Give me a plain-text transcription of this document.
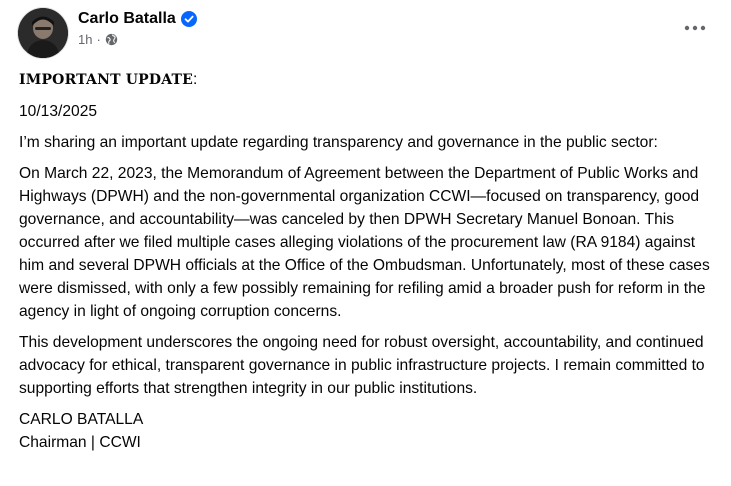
Carlo Batalla
1h ·

IMPORTANT UPDATE:

10/13/2025

I’m sharing an important update regarding transparency and governance in the public sector:

On March 22, 2023, the Memorandum of Agreement between the Department of Public Works and Highways (DPWH) and the non-governmental organization CCWI—focused on transparency, good governance, and accountability—was canceled by then DPWH Secretary Manuel Bonoan. This occurred after we filed multiple cases alleging violations of the procurement law (RA 9184) against him and several DPWH officials at the Office of the Ombudsman. Unfortunately, most of these cases were dismissed, with only a few possibly remaining for refiling amid a broader push for reform in the agency in light of ongoing corruption concerns.

This development underscores the ongoing need for robust oversight, accountability, and continued advocacy for ethical, transparent governance in public infrastructure projects. I remain committed to supporting efforts that strengthen integrity in our public institutions.

CARLO BATALLA

Chairman | CCWI
